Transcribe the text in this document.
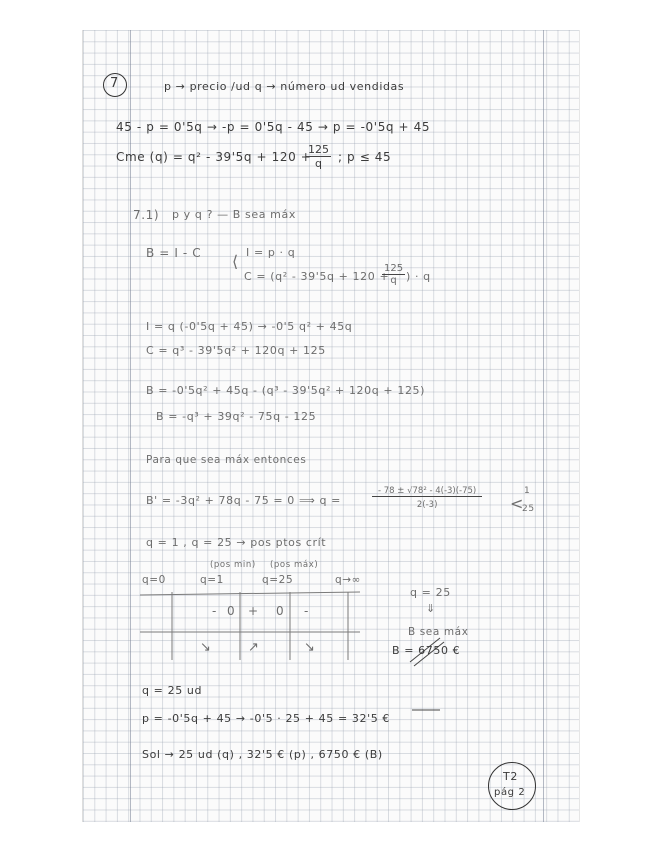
7	p → precio /ud q → número ud vendidas
45 - p = 0'5q → -p = 0'5q - 45 → p = -0'5q + 45
Cme (q) = q² - 39'5q + 120 +
$\frac{125}{q}$ ; p ≤ 45
7.1) p y q ? — B sea máx
B = I - C ⟨ I = p · q
C = (q² - 39'5q + 120 +
$\frac{125}{q}$ ) · q
I = q (-0'5q + 45) → -0'5 q² + 45q
C = q³ - 39'5q² + 120q + 125
B = -0'5q² + 45q - (q³ - 39'5q² + 120q + 125)
B = -q³ + 39q² - 75q - 125
Para que sea máx entonces
B' = -3q² + 78q - 75 = 0 ⟹ q =	$\frac{\text{- 78 ± √78² - 4(-3)(-75)}}{2(-3)}$ <
1
25
q = 1 , q = 25 → pos ptos crít
(pos min) (pos máx)
q=0	q=1	q=25	q→∞
- 0 + 0 -
↘	↗	↘
q = 25
⇓
B sea máx
B = 6750 €
q = 25 ud
p = -0'5q + 45 → -0'5 · 25 + 45 = 32'5 €
Sol → 25 ud (q) , 32'5 € (p) , 6750 € (B)
T2
pág 2
